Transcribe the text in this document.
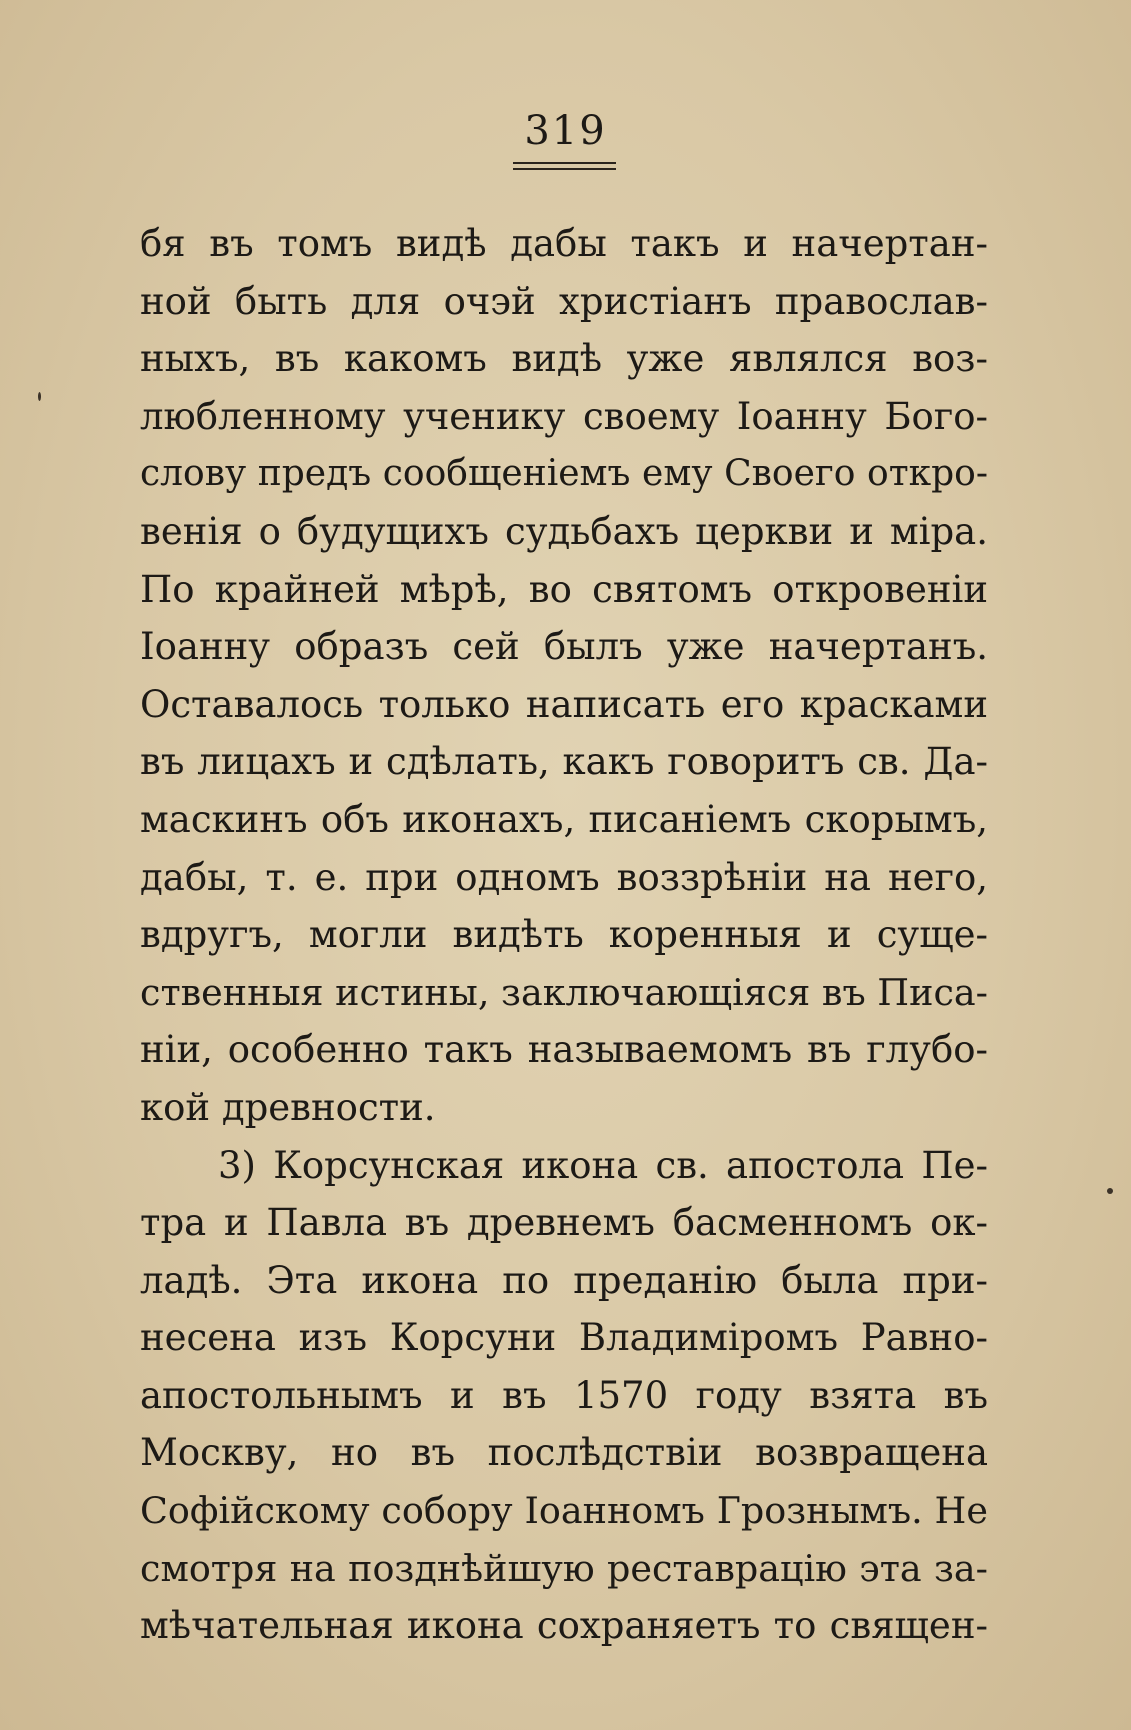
319
бя въ томъ видѣ дабы такъ и начертан-
ной быть для очэй христіанъ православ-
ныхъ, въ какомъ видѣ уже являлся воз-
любленному ученику своему Іоанну Бого-
слову предъ сообщеніемъ ему Своего откро-
венія о будущихъ судьбахъ церкви и міра.
По крайней мѣрѣ, во святомъ откровеніи
Іоанну образъ сей былъ уже начертанъ.
Оставалось только написать его красками
въ лицахъ и сдѣлать, какъ говоритъ св. Да-
маскинъ объ иконахъ, писаніемъ скорымъ,
дабы, т. е. при одномъ воззрѣніи на него,
вдругъ, могли видѣть коренныя и суще-
ственныя истины, заключающіяся въ Писа-
ніи, особенно такъ называемомъ въ глубо-
кой древности.
3) Корсунская икона св. апостола Пе-
тра и Павла въ древнемъ басменномъ ок-
ладѣ. Эта икона по преданію была при-
несена изъ Корсуни Владиміромъ Равно-
апостольнымъ и въ 1570 году взята въ
Москву, но въ послѣдствіи возвращена
Софійскому собору Іоанномъ Грознымъ. Не
смотря на позднѣйшую реставрацію эта за-
мѣчательная икона сохраняетъ то священ-
